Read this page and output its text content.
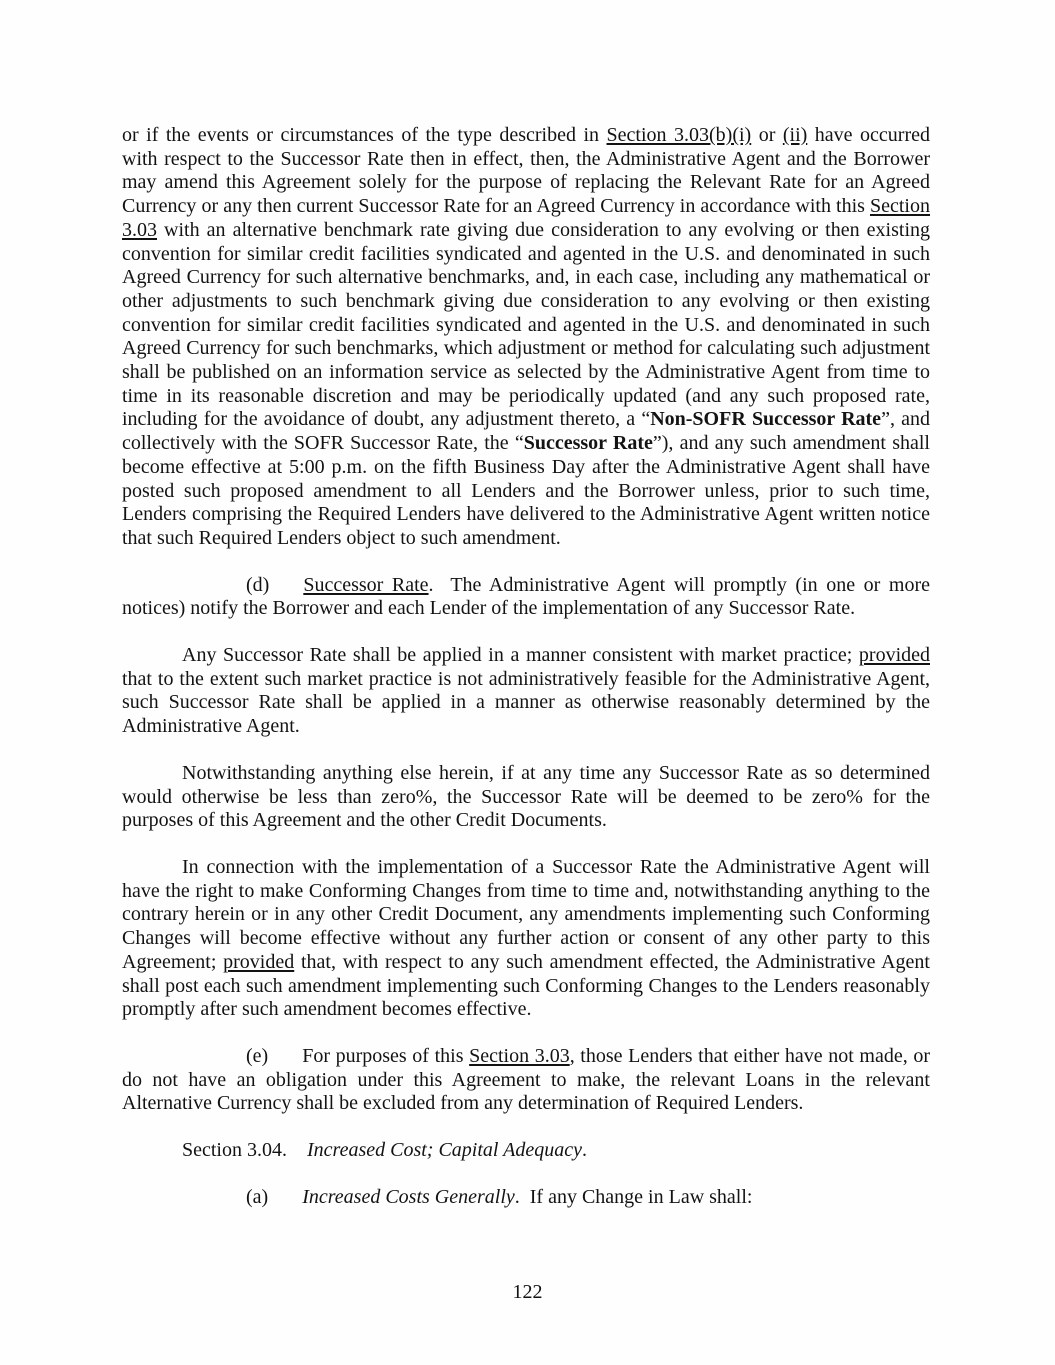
or if the events or circumstances of the type described in Section 3.03(b)(i) or (ii) have occurred with respect to the Successor Rate then in effect, then, the Administrative Agent and the Borrower may amend this Agreement solely for the purpose of replacing the Relevant Rate for an Agreed Currency or any then current Successor Rate for an Agreed Currency in accordance with this Section 3.03 with an alternative benchmark rate giving due consideration to any evolving or then existing convention for similar credit facilities syndicated and agented in the U.S. and denominated in such Agreed Currency for such alternative benchmarks, and, in each case, including any mathematical or other adjustments to such benchmark giving due consideration to any evolving or then existing convention for similar credit facilities syndicated and agented in the U.S. and denominated in such Agreed Currency for such benchmarks, which adjustment or method for calculating such adjustment shall be published on an information service as selected by the Administrative Agent from time to time in its reasonable discretion and may be periodically updated (and any such proposed rate, including for the avoidance of doubt, any adjustment thereto, a “Non-SOFR Successor Rate”, and collectively with the SOFR Successor Rate, the “Successor Rate”), and any such amendment shall become effective at 5:00 p.m. on the fifth Business Day after the Administrative Agent shall have posted such proposed amendment to all Lenders and the Borrower unless, prior to such time, Lenders comprising the Required Lenders have delivered to the Administrative Agent written notice that such Required Lenders object to such amendment.

(d) Successor Rate.  The Administrative Agent will promptly (in one or more notices) notify the Borrower and each Lender of the implementation of any Successor Rate.

Any Successor Rate shall be applied in a manner consistent with market practice; provided that to the extent such market practice is not administratively feasible for the Administrative Agent, such Successor Rate shall be applied in a manner as otherwise reasonably determined by the Administrative Agent.

Notwithstanding anything else herein, if at any time any Successor Rate as so determined would otherwise be less than zero%, the Successor Rate will be deemed to be zero% for the purposes of this Agreement and the other Credit Documents.

In connection with the implementation of a Successor Rate the Administrative Agent will have the right to make Conforming Changes from time to time and, notwithstanding anything to the contrary herein or in any other Credit Document, any amendments implementing such Conforming Changes will become effective without any further action or consent of any other party to this Agreement; provided that, with respect to any such amendment effected, the Administrative Agent shall post each such amendment implementing such Conforming Changes to the Lenders reasonably promptly after such amendment becomes effective.

(e) For purposes of this Section 3.03, those Lenders that either have not made, or do not have an obligation under this Agreement to make, the relevant Loans in the relevant Alternative Currency shall be excluded from any determination of Required Lenders.

Section 3.04. Increased Cost; Capital Adequacy.

(a) Increased Costs Generally.  If any Change in Law shall:

122
